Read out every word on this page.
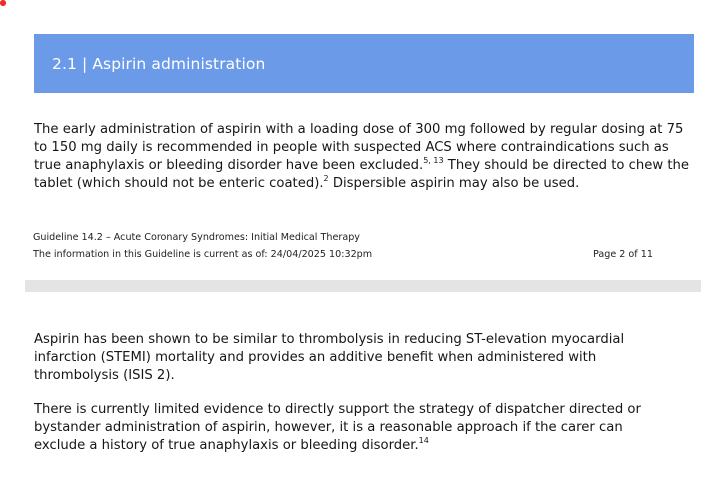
2.1 | Aspirin administration

The early administration of aspirin with a loading dose of 300 mg followed by regular dosing at 75 to 150 mg daily is recommended in people with suspected ACS where contraindications such as true anaphylaxis or bleeding disorder have been excluded.$^{5, 13}$ They should be directed to chew the tablet (which should not be enteric coated).$^2$ Dispersible aspirin may also be used.

Guideline 14.2 – Acute Coronary Syndromes: Initial Medical Therapy
The information in this Guideline is current as of: 24/04/2025 10:32pm	Page 2 of 11

Aspirin has been shown to be similar to thrombolysis in reducing ST-elevation myocardial infarction (STEMI) mortality and provides an additive benefit when administered with thrombolysis (ISIS 2).

There is currently limited evidence to directly support the strategy of dispatcher directed or bystander administration of aspirin, however, it is a reasonable approach if the carer can exclude a history of true anaphylaxis or bleeding disorder.$^{14}$
